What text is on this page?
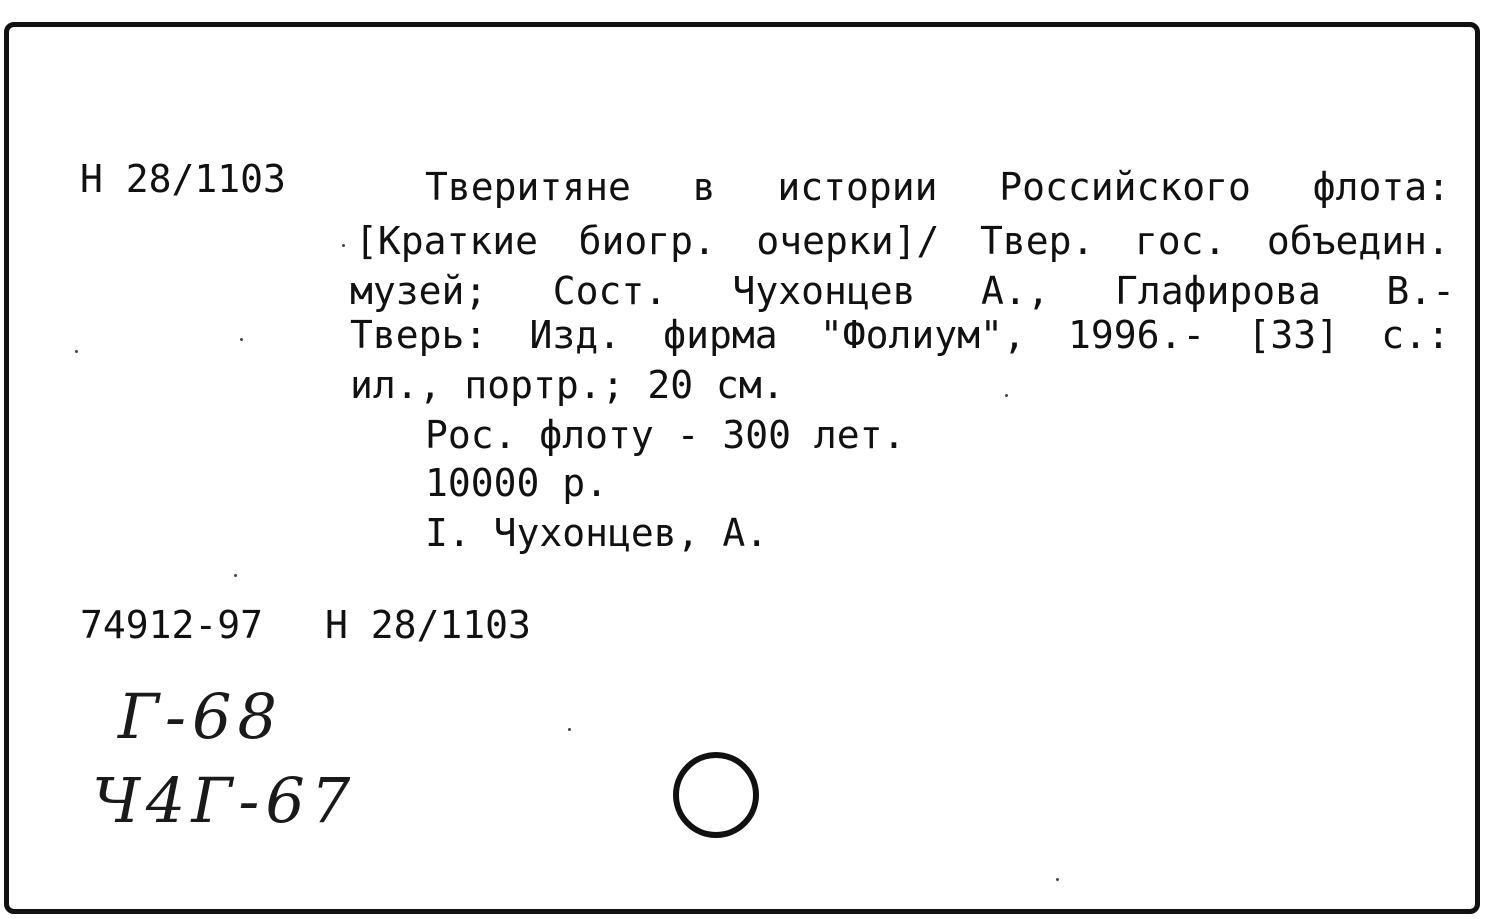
Н 28/1103	Тверитяне в истории Российского флота:
[Краткие биогр. очерки]/ Твер. гос. объедин.
музей; Сост. Чухонцев А., Глафирова В.-
Тверь: Изд. фирма "Фолиум", 1996.- [33] с.:
ил., портр.; 20 см.
Рос. флоту - 300 лет.
10000 р.
I. Чухонцев, А.
74912-97 Н 28/1103
Г-68
Ч4Г-67
